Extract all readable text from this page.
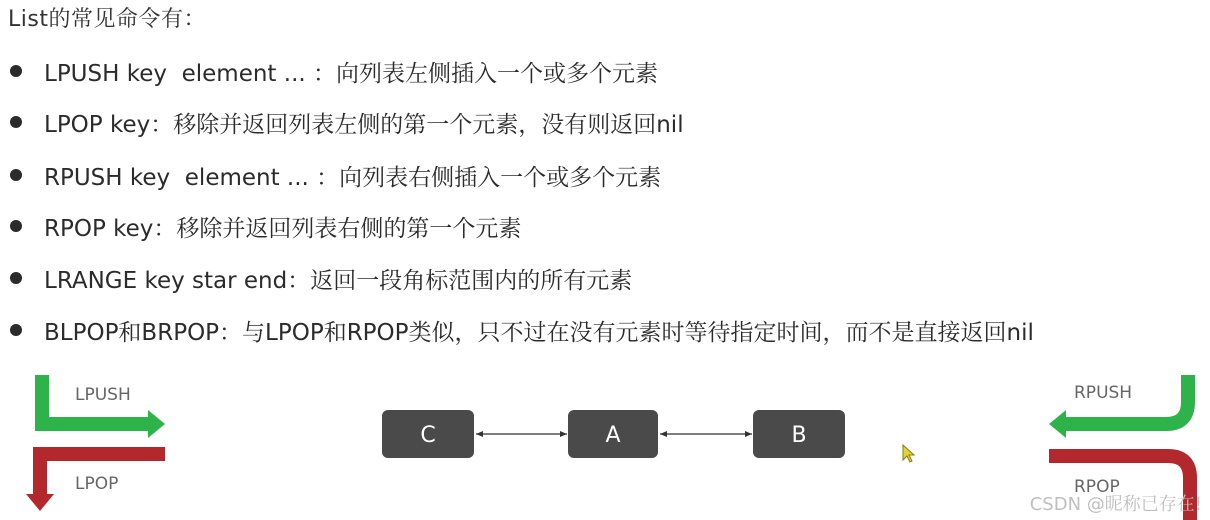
List的常见命令有：
LPUSH key  element ... ：向列表左侧插入一个或多个元素
LPOP key：移除并返回列表左侧的第一个元素，没有则返回nil
RPUSH key  element ... ：向列表右侧插入一个或多个元素
RPOP key：移除并返回列表右侧的第一个元素
LRANGE key star end：返回一段角标范围内的所有元素
BLPOP和BRPOP：与LPOP和RPOP类似，只不过在没有元素时等待指定时间，而不是直接返回nil
LPUSH
LPOP
C	A	B
RPUSH
RPOP
CSDN @昵称已存在!
